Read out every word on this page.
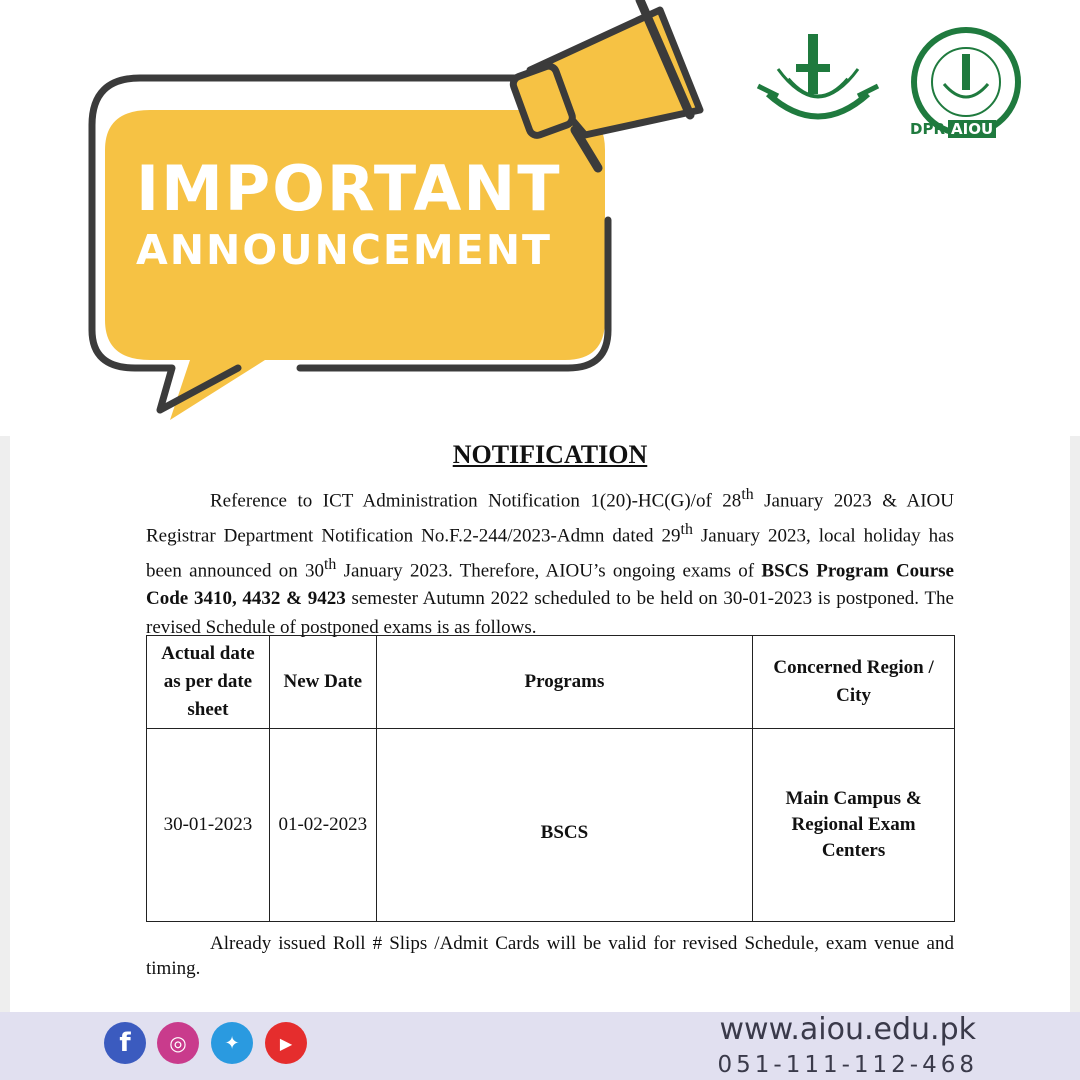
IMPORTANT
ANNOUNCEMENT
DPR AIOU
NOTIFICATION

Reference to ICT Administration Notification 1(20)-HC(G)/of 28th January 2023 & AIOU Registrar Department Notification No.F.2-244/2023-Admn dated 29th January 2023, local holiday has been announced on 30th January 2023. Therefore, AIOU’s ongoing exams of BSCS Program Course Code 3410, 4432 & 9423 semester Autumn 2022 scheduled to be held on 30-01-2023 is postponed. The revised Schedule of postponed exams is as follows.

Actual date as per date sheet	New Date	Programs	Concerned Region / City
30-01-2023	01-02-2023	BSCS	Main Campus & Regional Exam Centers

Already issued Roll # Slips /Admit Cards will be valid for revised Schedule, exam venue and timing.

f	◎	✦	▶	www.aiou.edu.pk
051-111-112-468
